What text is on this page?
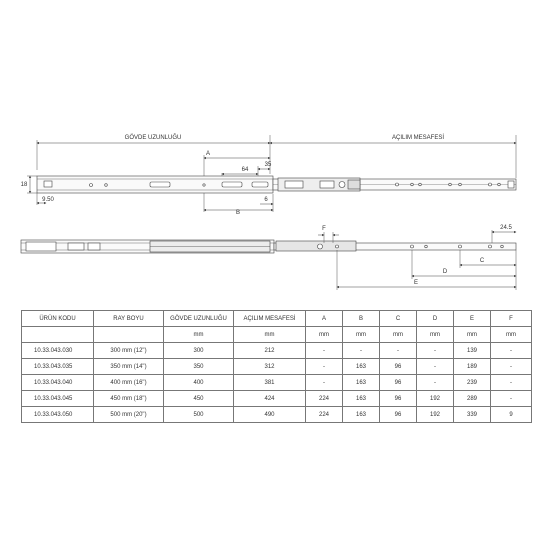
GÖVDE UZUNLUĞU	AÇILIM MESAFESİ
A
64
35
B
6
18
9.50
F	24.5
C
D
E
ÜRÜN KODU	RAY BOYU	GÖVDE UZUNLUĞU	AÇILIM MESAFESİ	A	B	C	D	E	F
		mm	mm	mm	mm	mm	mm	mm	mm
10.33.043.030	300 mm (12")	300	212	-	-	-	-	139	-
10.33.043.035	350 mm (14")	350	312	-	163	96	-	189	-
10.33.043.040	400 mm (16")	400	381	-	163	96	-	239	-
10.33.043.045	450 mm (18")	450	424	224	163	96	192	289	-
10.33.043.050	500 mm (20")	500	490	224	163	96	192	339	9
